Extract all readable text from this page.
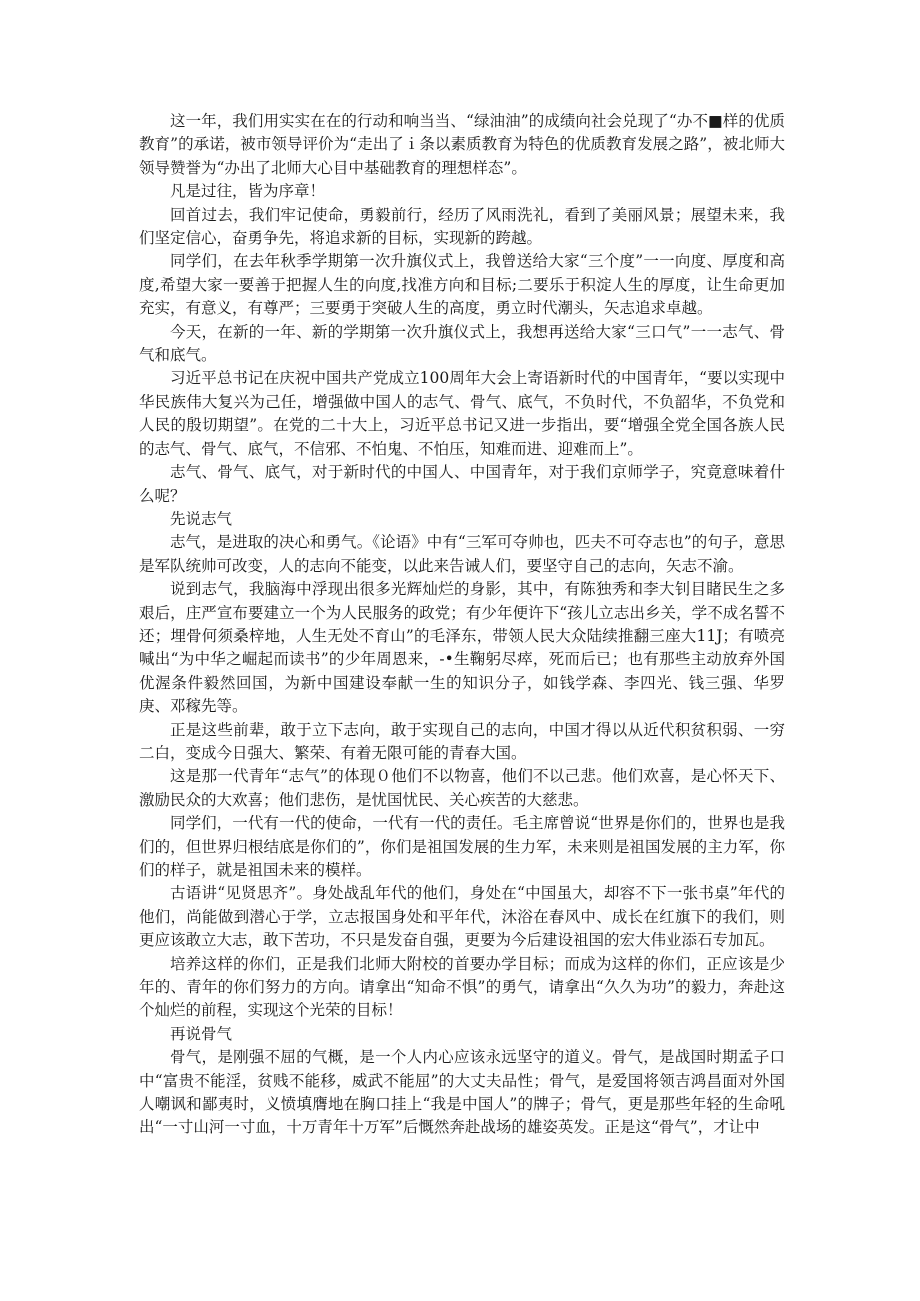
这一年，我们用实实在在的行动和响当当、“绿油油”的成绩向社会兑现了“办不■样的优质教育”的承诺，被市领导评价为“走出了ｉ条以素质教育为特色的优质教育发展之路”，被北师大领导赞誉为“办出了北师大心目中基础教育的理想样态”。

凡是过往，皆为序章！

回首过去，我们牢记使命，勇毅前行，经历了风雨洗礼，看到了美丽风景；展望未来，我们坚定信心，奋勇争先，将追求新的目标，实现新的跨越。

同学们，在去年秋季学期第一次升旗仪式上，我曾送给大家“三个度”一一向度、厚度和高度,希望大家一要善于把握人生的向度,找准方向和目标;二要乐于积淀人生的厚度，让生命更加充实，有意义，有尊严；三要勇于突破人生的高度，勇立时代潮头，矢志追求卓越。

今天，在新的一年、新的学期第一次升旗仪式上，我想再送给大家“三口气”一一志气、骨气和底气。

习近平总书记在庆祝中国共产党成立100周年大会上寄语新时代的中国青年，“要以实现中华民族伟大复兴为己任，增强做中国人的志气、骨气、底气，不负时代，不负韶华，不负党和人民的殷切期望”。在党的二十大上，习近平总书记又进一步指出，要“增强全党全国各族人民的志气、骨气、底气，不信邪、不怕鬼、不怕压，知难而进、迎难而上”。

志气、骨气、底气，对于新时代的中国人、中国青年，对于我们京师学子，究竟意味着什么呢？

先说志气

志气，是进取的决心和勇气。《论语》中有“三军可夺帅也，匹夫不可夺志也”的句子，意思是军队统帅可改变，人的志向不能变，以此来告诫人们，要坚守自己的志向，矢志不渝。

说到志气，我脑海中浮现出很多光辉灿烂的身影，其中，有陈独秀和李大钊目睹民生之多艰后，庄严宣布要建立一个为人民服务的政党；有少年便许下“孩儿立志出乡关，学不成名誓不还；埋骨何须桑梓地，人生无处不育山”的毛泽东，带领人民大众陆续推翻三座大11J；有喷亮喊出“为中华之崛起而读书”的少年周恩来，-•生鞠躬尽瘁，死而后已；也有那些主动放弃外国优渥条件毅然回国，为新中国建设奉献一生的知识分子，如钱学森、李四光、钱三强、华罗庚、邓稼先等。

正是这些前辈，敢于立下志向，敢于实现自己的志向，中国才得以从近代积贫积弱、一穷二白，变成今日强大、繁荣、有着无限可能的青春大国。

这是那一代青年“志气”的体现０他们不以物喜，他们不以己悲。他们欢喜，是心怀天下、激励民众的大欢喜；他们悲伤，是忧国忧民、关心疾苦的大慈悲。

同学们，一代有一代的使命，一代有一代的责任。毛主席曾说“世界是你们的，世界也是我们的，但世界归根结底是你们的”，你们是祖国发展的生力军，未来则是祖国发展的主力军，你们的样子，就是祖国未来的模样。

古语讲“见贤思齐”。身处战乱年代的他们，身处在“中国虽大，却容不下一张书桌”年代的他们，尚能做到潜心于学，立志报国身处和平年代，沐浴在春风中、成长在红旗下的我们，则更应该敢立大志，敢下苦功，不只是发奋自强，更要为今后建设祖国的宏大伟业添石专加瓦。

培养这样的你们，正是我们北师大附校的首要办学目标；而成为这样的你们，正应该是少年的、青年的你们努力的方向。请拿出“知命不惧”的勇气，请拿出“久久为功”的毅力，奔赴这个灿烂的前程，实现这个光荣的目标！

再说骨气

骨气，是刚强不屈的气概，是一个人内心应该永远坚守的道义。骨气，是战国时期孟子口中“富贵不能淫，贫贱不能移，威武不能屈”的大丈夫品性；骨气，是爱国将领吉鸿昌面对外国人嘲讽和鄙夷时，义愤填膺地在胸口挂上“我是中国人”的牌子；骨气，更是那些年轻的生命吼出“一寸山河一寸血，十万青年十万军”后慨然奔赴战场的雄姿英发。正是这“骨气”，才让中
